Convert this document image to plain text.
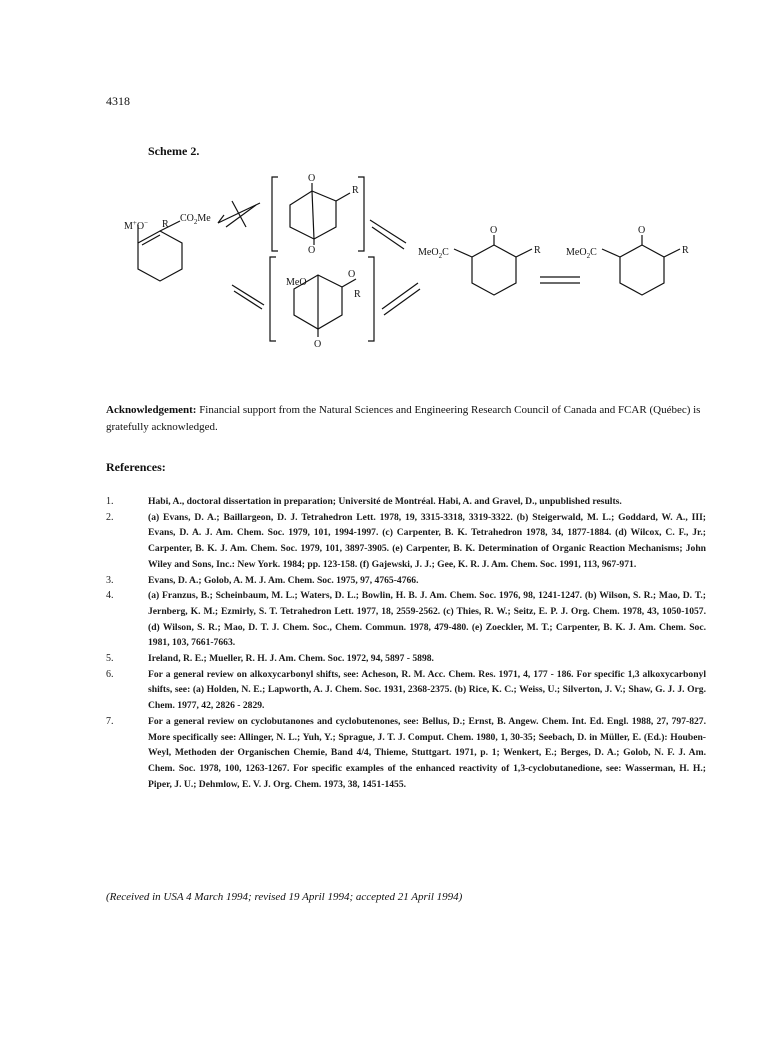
4318
Scheme 2.
M+O− R
$CO_2Me$
O
O
R
MeO
O
R
O
MeO$_2$C
O
R	MeO$_2$C
O
R
Acknowledgement: Financial support from the Natural Sciences and Engineering Research Council of Canada and FCAR (Québec) is gratefully acknowledged.
References:
1.	Habi, A., doctoral dissertation in preparation; Université de Montréal. Habi, A. and Gravel, D., unpublished results.
2.	(a) Evans, D. A.; Baillargeon, D. J. Tetrahedron Lett. 1978, 19, 3315-3318, 3319-3322. (b) Steigerwald, M. L.; Goddard, W. A., III; Evans, D. A. J. Am. Chem. Soc. 1979, 101, 1994-1997. (c) Carpenter, B. K. Tetrahedron 1978, 34, 1877-1884. (d) Wilcox, C. F., Jr.; Carpenter, B. K. J. Am. Chem. Soc. 1979, 101, 3897-3905. (e) Carpenter, B. K. Determination of Organic Reaction Mechanisms; John Wiley and Sons, Inc.: New York. 1984; pp. 123-158. (f) Gajewski, J. J.; Gee, K. R. J. Am. Chem. Soc. 1991, 113, 967-971.
3.	Evans, D. A.; Golob, A. M. J. Am. Chem. Soc. 1975, 97, 4765-4766.
4.	(a) Franzus, B.; Scheinbaum, M. L.; Waters, D. L.; Bowlin, H. B. J. Am. Chem. Soc. 1976, 98, 1241-1247. (b) Wilson, S. R.; Mao, D. T.; Jernberg, K. M.; Ezmirly, S. T. Tetrahedron Lett. 1977, 18, 2559-2562. (c) Thies, R. W.; Seitz, E. P. J. Org. Chem. 1978, 43, 1050-1057. (d) Wilson, S. R.; Mao, D. T. J. Chem. Soc., Chem. Commun. 1978, 479-480. (e) Zoeckler, M. T.; Carpenter, B. K. J. Am. Chem. Soc. 1981, 103, 7661-7663.
5.	Ireland, R. E.; Mueller, R. H. J. Am. Chem. Soc. 1972, 94, 5897 - 5898.
6.	For a general review on alkoxycarbonyl shifts, see: Acheson, R. M. Acc. Chem. Res. 1971, 4, 177 - 186. For specific 1,3 alkoxycarbonyl shifts, see: (a) Holden, N. E.; Lapworth, A. J. Chem. Soc. 1931, 2368-2375. (b) Rice, K. C.; Weiss, U.; Silverton, J. V.; Shaw, G. J. J. Org. Chem. 1977, 42, 2826 - 2829.
7.	For a general review on cyclobutanones and cyclobutenones, see: Bellus, D.; Ernst, B. Angew. Chem. Int. Ed. Engl. 1988, 27, 797-827. More specifically see: Allinger, N. L.; Yuh, Y.; Sprague, J. T. J. Comput. Chem. 1980, 1, 30-35; Seebach, D. in Müller, E. (Ed.): Houben-Weyl, Methoden der Organischen Chemie, Band 4/4, Thieme, Stuttgart. 1971, p. 1; Wenkert, E.; Berges, D. A.; Golob, N. F. J. Am. Chem. Soc. 1978, 100, 1263-1267. For specific examples of the enhanced reactivity of 1,3-cyclobutanedione, see: Wasserman, H. H.; Piper, J. U.; Dehmlow, E. V. J. Org. Chem. 1973, 38, 1451-1455.
(Received in USA 4 March 1994; revised 19 April 1994; accepted 21 April 1994)
